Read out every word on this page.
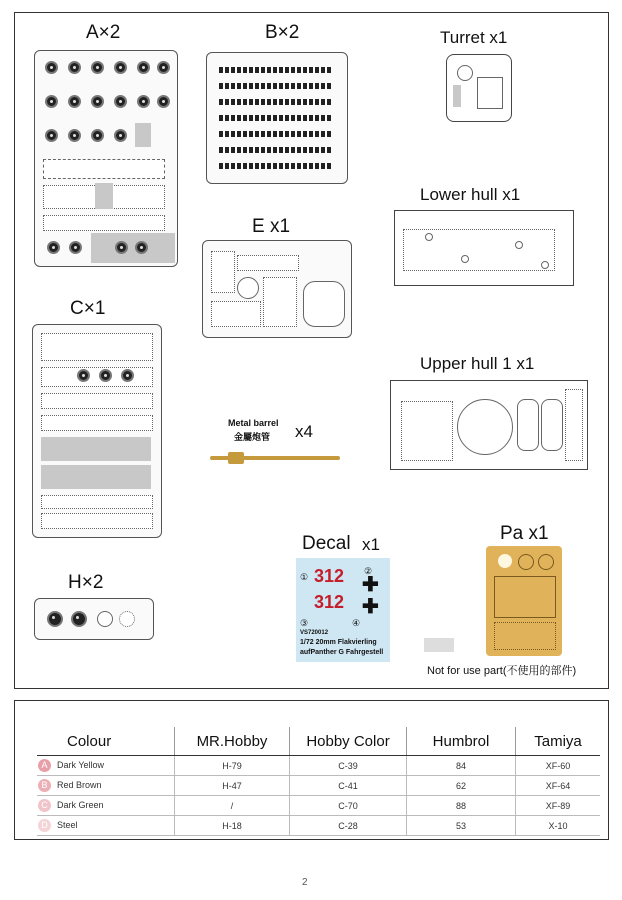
A×2	B×2	Turret x1
Lower hull x1
E x1
C×1
Upper hull 1 x1
Metal barrel
金屬炮管 x4
Decal x1
Pa x1
H×2
Not for use part(不使用的部件)
① 312 ②
✚
312 ✚
③	④
VS720012
1/72 20mm Flakvierling
aufPanther G Fahrgestell
Colour	MR.Hobby	Hobby Color	Humbrol	Tamiya
A Dark Yellow	H-79	C-39	84	XF-60
B Red Brown	H-47	C-41	62	XF-64
C Dark Green	/	C-70	88	XF-89
D Steel	H-18	C-28	53	X-10
2
